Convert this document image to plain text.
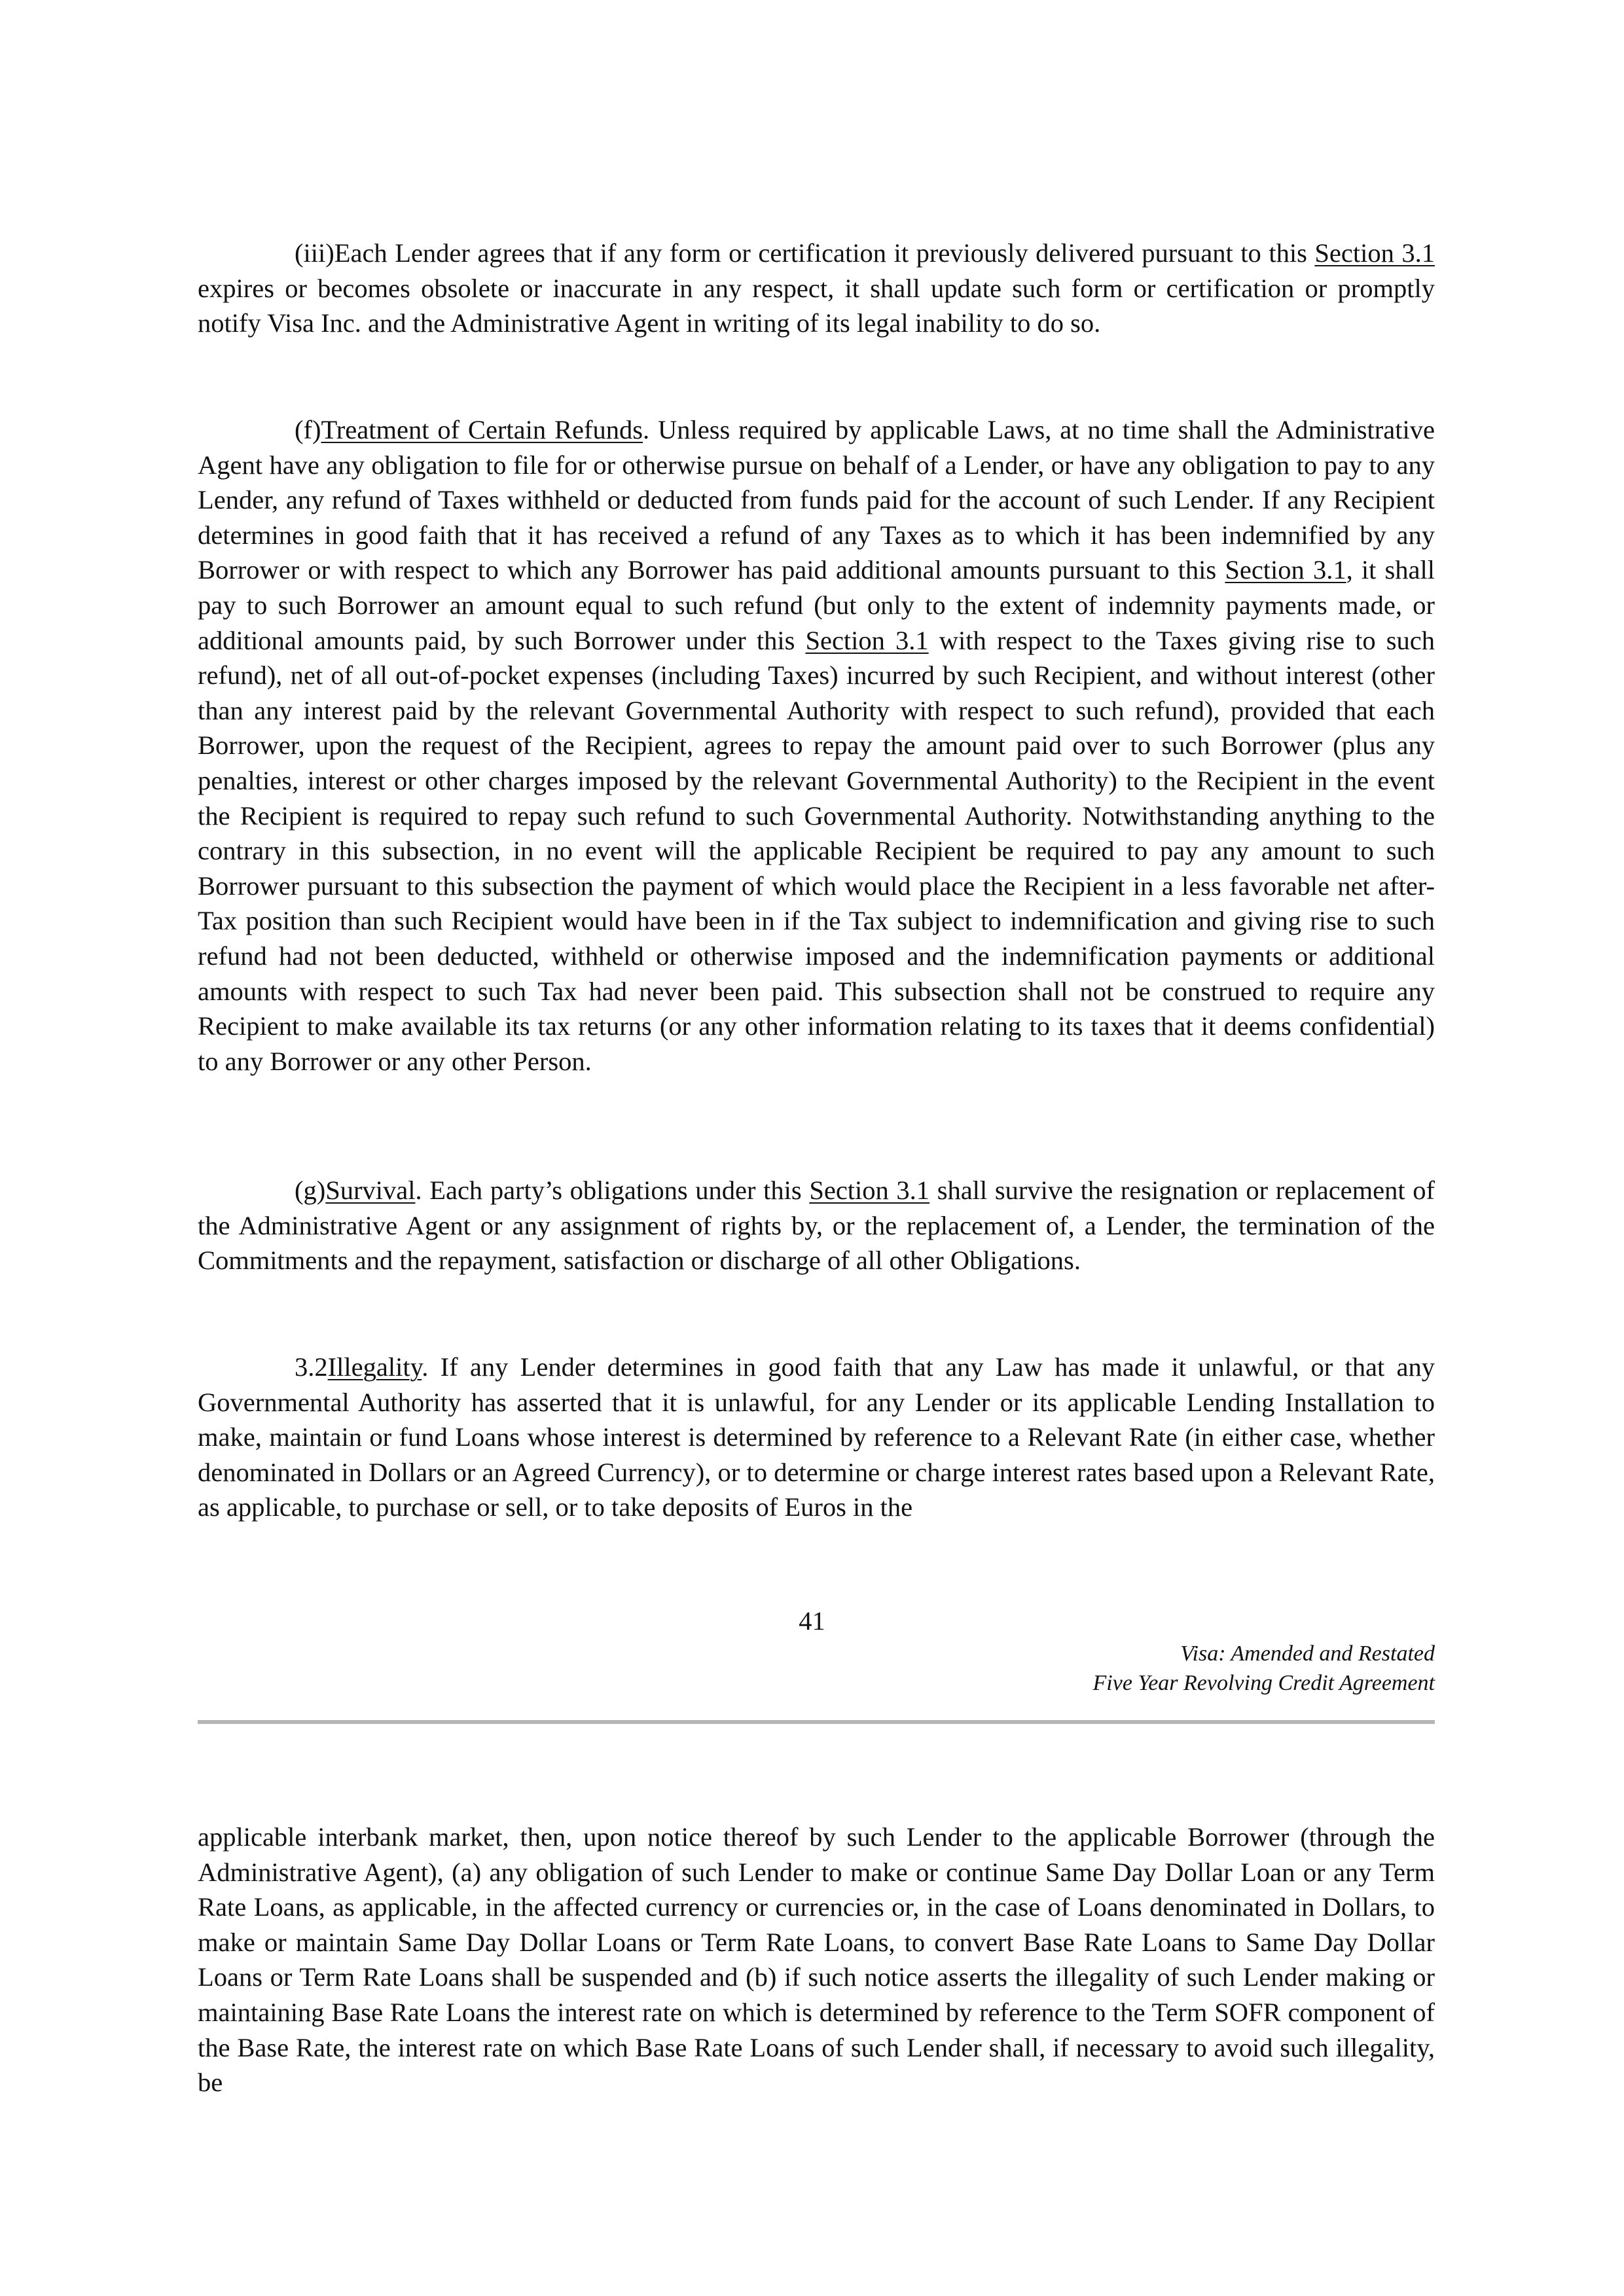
(iii)Each Lender agrees that if any form or certification it previously delivered pursuant to this Section 3.1 expires or becomes obsolete or inaccurate in any respect, it shall update such form or certification or promptly notify Visa Inc. and the Administrative Agent in writing of its legal inability to do so.

(f)Treatment of Certain Refunds. Unless required by applicable Laws, at no time shall the Administrative Agent have any obligation to file for or otherwise pursue on behalf of a Lender, or have any obligation to pay to any Lender, any refund of Taxes withheld or deducted from funds paid for the account of such Lender. If any Recipient determines in good faith that it has received a refund of any Taxes as to which it has been indemnified by any Borrower or with respect to which any Borrower has paid additional amounts pursuant to this Section 3.1, it shall pay to such Borrower an amount equal to such refund (but only to the extent of indemnity payments made, or additional amounts paid, by such Borrower under this Section 3.1 with respect to the Taxes giving rise to such refund), net of all out-of-pocket expenses (including Taxes) incurred by such Recipient, and without interest (other than any interest paid by the relevant Governmental Authority with respect to such refund), provided that each Borrower, upon the request of the Recipient, agrees to repay the amount paid over to such Borrower (plus any penalties, interest or other charges imposed by the relevant Governmental Authority) to the Recipient in the event the Recipient is required to repay such refund to such Governmental Authority. Notwithstanding anything to the contrary in this subsection, in no event will the applicable Recipient be required to pay any amount to such Borrower pursuant to this subsection the payment of which would place the Recipient in a less favorable net after-Tax position than such Recipient would have been in if the Tax subject to indemnification and giving rise to such refund had not been deducted, withheld or otherwise imposed and the indemnification payments or additional amounts with respect to such Tax had never been paid. This subsection shall not be construed to require any Recipient to make available its tax returns (or any other information relating to its taxes that it deems confidential) to any Borrower or any other Person.

(g)Survival. Each party’s obligations under this Section 3.1 shall survive the resignation or replacement of the Administrative Agent or any assignment of rights by, or the replacement of, a Lender, the termination of the Commitments and the repayment, satisfaction or discharge of all other Obligations.

3.2Illegality. If any Lender determines in good faith that any Law has made it unlawful, or that any Governmental Authority has asserted that it is unlawful, for any Lender or its applicable Lending Installation to make, maintain or fund Loans whose interest is determined by reference to a Relevant Rate (in either case, whether denominated in Dollars or an Agreed Currency), or to determine or charge interest rates based upon a Relevant Rate, as applicable, to purchase or sell, or to take deposits of Euros in the

41
Visa: Amended and Restated
Five Year Revolving Credit Agreement

applicable interbank market, then, upon notice thereof by such Lender to the applicable Borrower (through the Administrative Agent), (a) any obligation of such Lender to make or continue Same Day Dollar Loan or any Term Rate Loans, as applicable, in the affected currency or currencies or, in the case of Loans denominated in Dollars, to make or maintain Same Day Dollar Loans or Term Rate Loans, to convert Base Rate Loans to Same Day Dollar Loans or Term Rate Loans shall be suspended and (b) if such notice asserts the illegality of such Lender making or maintaining Base Rate Loans the interest rate on which is determined by reference to the Term SOFR component of the Base Rate, the interest rate on which Base Rate Loans of such Lender shall, if necessary to avoid such illegality, be
